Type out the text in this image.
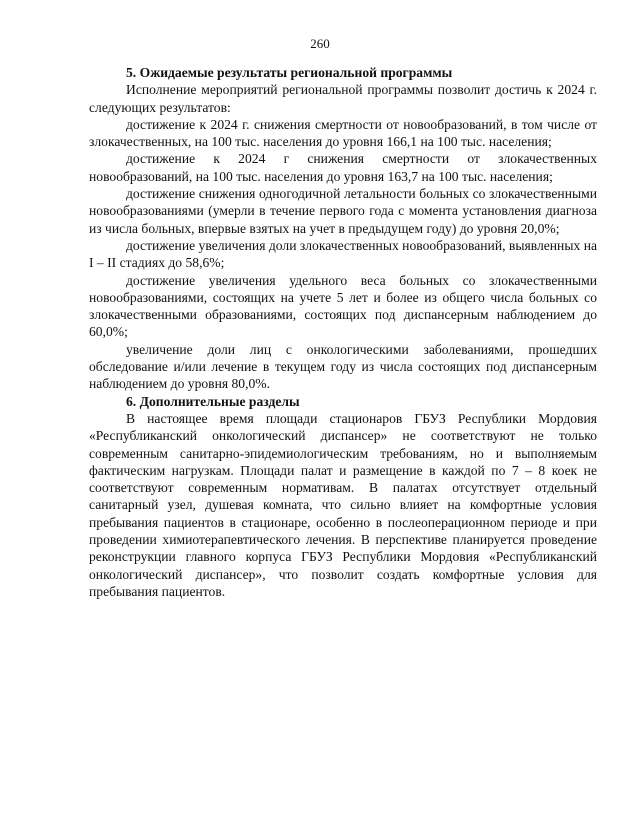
260

5. Ожидаемые результаты региональной программы

Исполнение мероприятий региональной программы позволит достичь к 2024 г. следующих результатов:

достижение к 2024 г. снижения смертности от новообразований, в том числе от злокачественных, на 100 тыс. населения до уровня 166,1 на 100 тыс. населения;

достижение к 2024 г снижения смертности от злокачественных новообразований, на 100 тыс. населения до уровня 163,7 на 100 тыс. населения;

достижение снижения одногодичной летальности больных со злокачественными новообразованиями (умерли в течение первого года с момента установления диагноза из числа больных, впервые взятых на учет в предыдущем году) до уровня 20,0%;

достижение увеличения доли злокачественных новообразований, выявленных на I – II стадиях до 58,6%;

достижение увеличения удельного веса больных со злокачественными новообразованиями, состоящих на учете 5 лет и более из общего числа больных со злокачественными образованиями, состоящих под диспансерным наблюдением до 60,0%;

увеличение доли лиц с онкологическими заболеваниями, прошедших обследование и/или лечение в текущем году из числа состоящих под диспансерным наблюдением до уровня 80,0%.

6. Дополнительные разделы

В настоящее время площади стационаров ГБУЗ Республики Мордовия «Республиканский онкологический диспансер» не соответствуют не только современным санитарно-эпидемиологическим требованиям, но и выполняемым фактическим нагрузкам. Площади палат и размещение в каждой по 7 – 8 коек не соответствуют современным нормативам. В палатах отсутствует отдельный санитарный узел, душевая комната, что сильно влияет на комфортные условия пребывания пациентов в стационаре, особенно в послеоперационном периоде и при проведении химиотерапевтического лечения. В перспективе планируется проведение реконструкции главного корпуса ГБУЗ Республики Мордовия «Республиканский онкологический диспансер», что позволит создать комфортные условия для пребывания пациентов.
